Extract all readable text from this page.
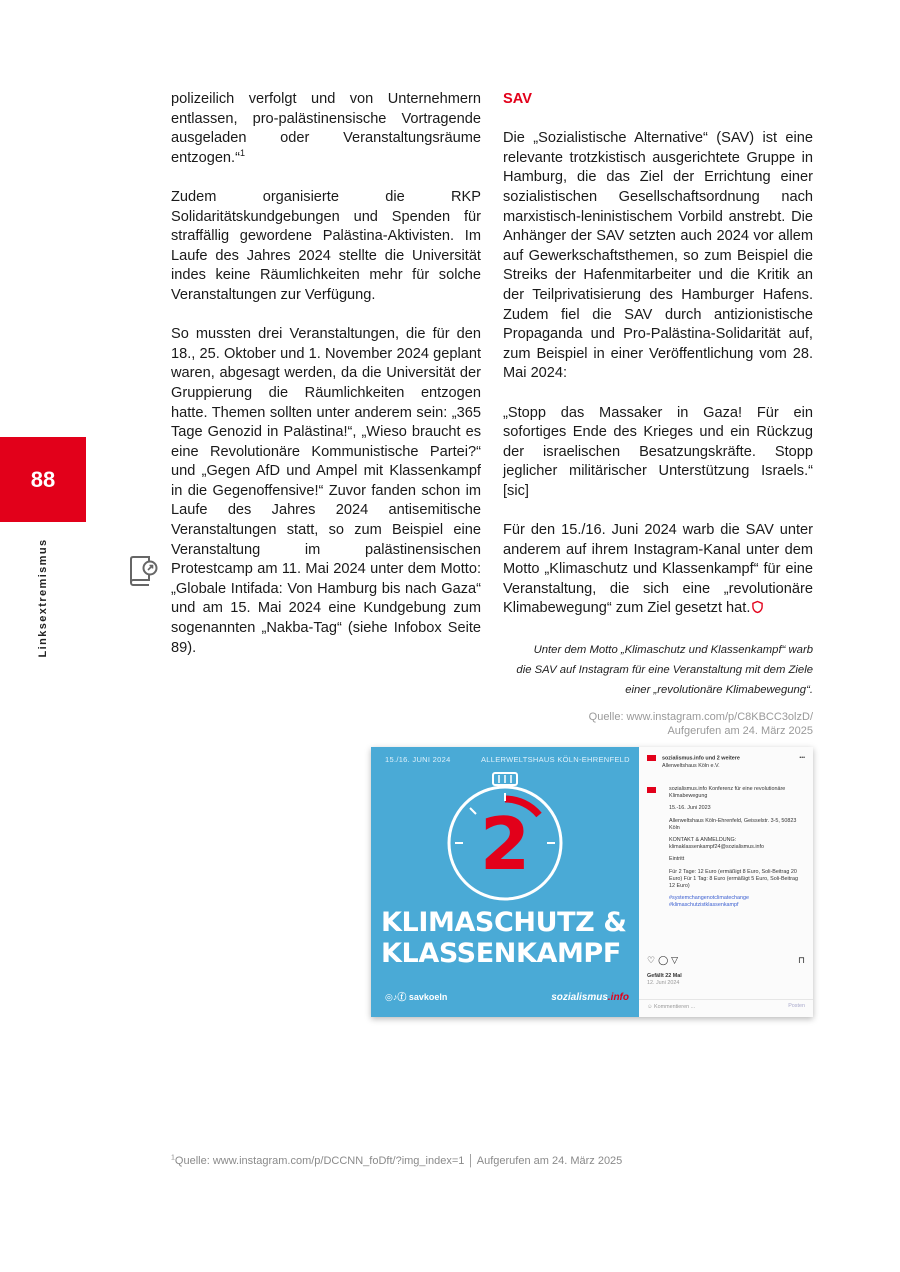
polizeilich verfolgt und von Unternehmern entlassen, pro-palästinensische Vortragende ausgeladen oder Veranstaltungsräume entzogen.“$^1$

Zudem organisierte die RKP Solidaritätskundgebungen und Spenden für straffällig gewordene Palästina-Aktivisten. Im Laufe des Jahres 2024 stellte die Universität indes keine Räumlichkeiten mehr für solche Veranstaltungen zur Verfügung.

So mussten drei Veranstaltungen, die für den 18., 25. Oktober und 1. November 2024 geplant waren, abgesagt werden, da die Universität der Gruppierung die Räumlichkeiten entzogen hatte. Themen sollten unter anderem sein: „365 Tage Genozid in Palästina!“, „Wieso braucht es eine Revolutionäre Kommunistische Partei?“ und „Gegen AfD und Ampel mit Klassenkampf in die Gegenoffensive!“ Zuvor fanden schon im Laufe des Jahres 2024 antisemitische Veranstaltungen statt, so zum Beispiel eine Veranstaltung im palästinensischen Protestcamp am 11. Mai 2024 unter dem Motto: „Globale Intifada: Von Hamburg bis nach Gaza“ und am 15. Mai 2024 eine Kundgebung zum sogenannten „Nakba-Tag“ (siehe Infobox Seite 89).

SAV

Die „Sozialistische Alternative“ (SAV) ist eine relevante trotzkistisch ausgerichtete Gruppe in Hamburg, die das Ziel der Errichtung einer sozialistischen Gesellschaftsordnung nach marxistisch-leninistischem Vorbild anstrebt. Die Anhänger der SAV setzten auch 2024 vor allem auf Gewerkschaftsthemen, so zum Beispiel die Streiks der Hafenmitarbeiter und die Kritik an der Teilprivatisierung des Hamburger Hafens. Zudem fiel die SAV durch antizionistische Propaganda und Pro-Palästina-Solidarität auf, zum Beispiel in einer Veröffentlichung vom 28. Mai 2024:

„Stopp das Massaker in Gaza! Für ein sofortiges Ende des Krieges und ein Rückzug der israelischen Besatzungskräfte. Stopp jeglicher militärischer Unterstützung Israels.“ [sic]

Für den 15./16. Juni 2024 warb die SAV unter anderem auf ihrem Instagram-Kanal unter dem Motto „Klimaschutz und Klassenkampf“ für eine Veranstaltung, die sich eine „revolutionäre Klimabewegung“ zum Ziel gesetzt hat.

88
Linksextremismus	Unter dem Motto „Klimaschutz und Klassenkampf“ warb
die SAV auf Instagram für eine Veranstaltung mit dem Ziele
einer „revolutionäre Klimabewegung“.
Quelle: www.instagram.com/p/C8KBCC3olzD/
Aufgerufen am 24. März 2025
15./16. JUNI 2024	ALLERWELTSHAUS KÖLN-EHRENFELD
2
KLIMASCHUTZ &
KLASSENKAMPF
◎♪ⓕ savkoeln	sozialismus.info
sozialismus.info und 2 weitere	•••
Allerweltshaus Köln e.V.
sozialismus.info Konferenz für eine revolutionäre Klimabewegung
15.-16. Juni 2023
Allerweltshaus Köln-Ehrenfeld, Geisselstr. 3-5, 50823 Köln
KONTAKT & ANMELDUNG: klimaklassenkampf24@sozialismus.info
Eintritt
Für 2 Tage: 12 Euro (ermäßigt 8 Euro, Soli-Beitrag 20 Euro) Für 1 Tag: 8 Euro (ermäßigt 5 Euro, Soli-Beitrag 12 Euro)
#systemchangenotclimatechange #klimaschutzistklassenkampf
♡◯▽	⊓
Gefällt 22 Mal
12. Juni 2024
☺ Kommentieren ...	Posten
$^1$Quelle: www.instagram.com/p/DCCNN_foDft/?img_index=1 │ Aufgerufen am 24. März 2025
